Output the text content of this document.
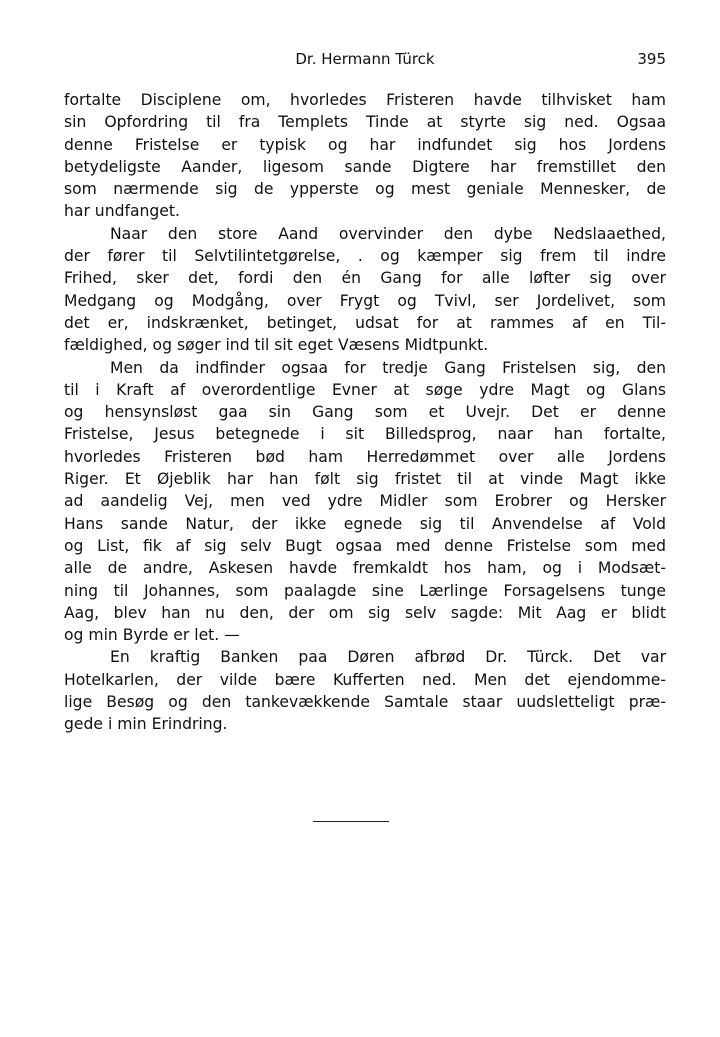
Dr. Hermann Türck	395
fortalte Disciplene om, hvorledes Fristeren havde tilhvisket ham
sin Opfordring til fra Templets Tinde at styrte sig ned. Ogsaa
denne Fristelse er typisk og har indfundet sig hos Jordens
betydeligste Aander, ligesom sande Digtere har fremstillet den
som nærmende sig de ypperste og mest geniale Mennesker, de
har undfanget.
Naar den store Aand overvinder den dybe Nedslaaethed,
der fører til Selvtilintetgørelse, . og kæmper sig frem til indre
Frihed, sker det, fordi den én Gang for alle løfter sig over
Medgang og Modgång, over Frygt og Tvivl, ser Jordelivet, som
det er, indskrænket, betinget, udsat for at rammes af en Til-
fældighed, og søger ind til sit eget Væsens Midtpunkt.
Men da indfinder ogsaa for tredje Gang Fristelsen sig, den
til i Kraft af overordentlige Evner at søge ydre Magt og Glans
og hensynsløst gaa sin Gang som et Uvejr. Det er denne
Fristelse, Jesus betegnede i sit Billedsprog, naar han fortalte,
hvorledes Fristeren bød ham Herredømmet over alle Jordens
Riger. Et Øjeblik har han følt sig fristet til at vinde Magt ikke
ad aandelig Vej, men ved ydre Midler som Erobrer og Hersker
Hans sande Natur, der ikke egnede sig til Anvendelse af Vold
og List, fik af sig selv Bugt ogsaa med denne Fristelse som med
alle de andre, Askesen havde fremkaldt hos ham, og i Modsæt-
ning til Johannes, som paalagde sine Lærlinge Forsagelsens tunge
Aag, blev han nu den, der om sig selv sagde: Mit Aag er blidt
og min Byrde er let. —
En kraftig Banken paa Døren afbrød Dr. Türck. Det var
Hotelkarlen, der vilde bære Kufferten ned. Men det ejendomme-
lige Besøg og den tankevækkende Samtale staar uudsletteligt præ-
gede i min Erindring.
